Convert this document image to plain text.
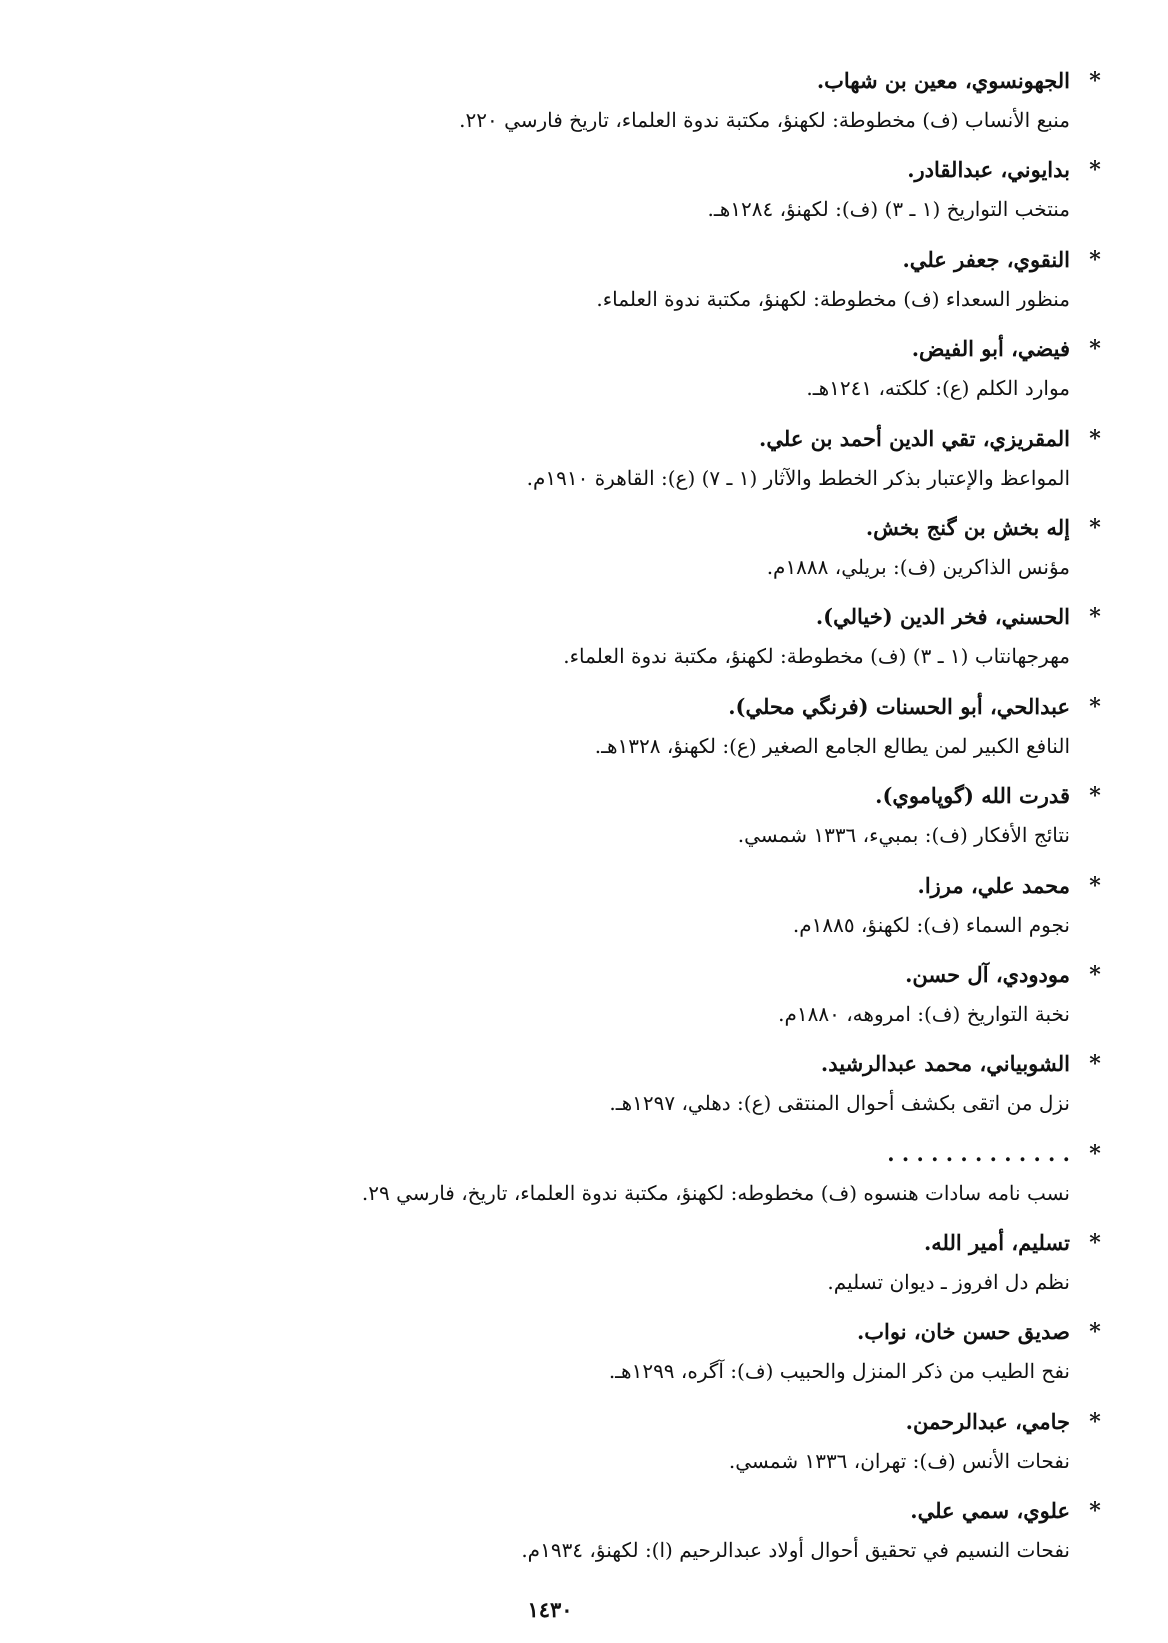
*
الجهونسوي، معين بن شهاب.
منبع الأنساب (ف) مخطوطة: لكهنؤ، مكتبة ندوة العلماء، تاريخ فارسي ٢٢٠.
*
بدايوني، عبدالقادر.
منتخب التواريخ (١ ـ ٣) (ف): لكهنؤ، ١٢٨٤هـ.
*
النقوي، جعفر علي.
منظور السعداء (ف) مخطوطة: لكهنؤ، مكتبة ندوة العلماء.
*
فيضي، أبو الفيض.
موارد الكلم (ع): كلكته، ١٢٤١هـ.
*
المقريزي، تقي الدين أحمد بن علي.
المواعظ والإعتبار بذكر الخطط والآثار (١ ـ ٧) (ع): القاهرة ١٩١٠م.
*
إله بخش بن گنج بخش.
مؤنس الذاكرين (ف): بريلي، ١٨٨٨م.
*
الحسني، فخر الدين (خيالي).
مهرجهانتاب (١ ـ ٣) (ف) مخطوطة: لكهنؤ، مكتبة ندوة العلماء.
*
عبدالحي، أبو الحسنات (فرنگي محلي).
النافع الكبير لمن يطالع الجامع الصغير (ع): لكهنؤ، ١٣٢٨هـ.
*
قدرت الله (گوپاموي).
نتائج الأفكار (ف): بمبيء، ١٣٣٦ شمسي.
*
محمد علي، مرزا.
نجوم السماء (ف): لكهنؤ، ١٨٨٥م.
*
مودودي، آل حسن.
نخبة التواريخ (ف): امروهه، ١٨٨٠م.
*
الشوبياني، محمد عبدالرشيد.
نزل من اتقى بكشف أحوال المنتقى (ع): دهلي، ١٢٩٧هـ.
*
. . . . . . . . . . . . .
نسب نامه سادات هنسوه (ف) مخطوطه: لكهنؤ، مكتبة ندوة العلماء، تاريخ، فارسي ٢٩.
*
تسليم، أمير الله.
نظم دل افروز ـ ديوان تسليم.
*
صديق حسن خان، نواب.
نفح الطيب من ذكر المنزل والحبيب (ف): آگره، ١٢٩٩هـ.
*
جامي، عبدالرحمن.
نفحات الأنس (ف): تهران، ١٣٣٦ شمسي.
*
علوي، سمي علي.
نفحات النسيم في تحقيق أحوال أولاد عبدالرحيم (ا): لكهنؤ، ١٩٣٤م.
١٤٣٠
